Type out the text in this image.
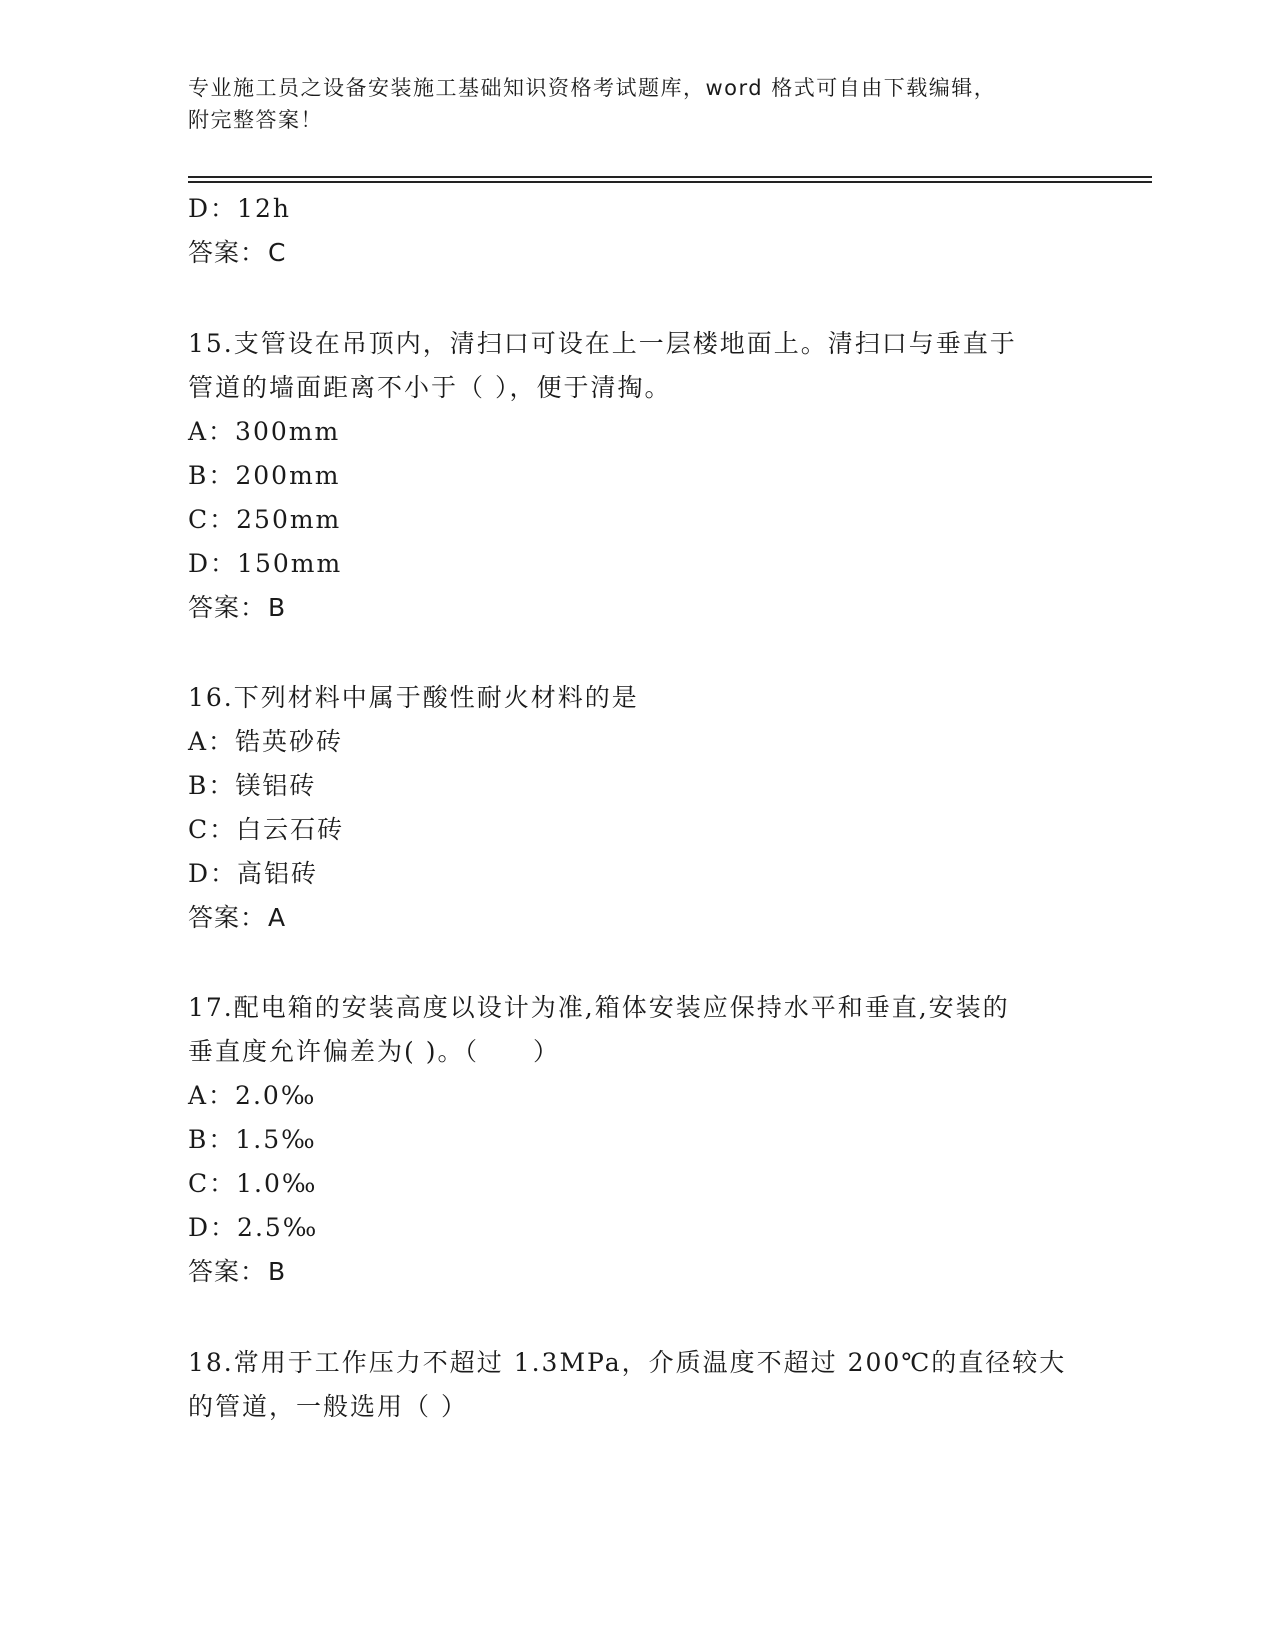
专业施工员之设备安装施工基础知识资格考试题库，word 格式可自由下载编辑，
附完整答案！
D：12h
答案：C
15.支管设在吊顶内，清扫口可设在上一层楼地面上。清扫口与垂直于
管道的墙面距离不小于（ ），便于清掏。
A：300mm
B：200mm
C：250mm
D：150mm
答案：B
16.下列材料中属于酸性耐火材料的是
A：锆英砂砖
B：镁铝砖
C：白云石砖
D：高铝砖
答案：A
17.配电箱的安装高度以设计为准,箱体安装应保持水平和垂直,安装的
垂直度允许偏差为( )。（　　）
A：2.0‰
B：1.5‰
C：1.0‰
D：2.5‰
答案：B
18.常用于工作压力不超过 1.3MPa，介质温度不超过 200℃的直径较大
的管道，一般选用（ ）
